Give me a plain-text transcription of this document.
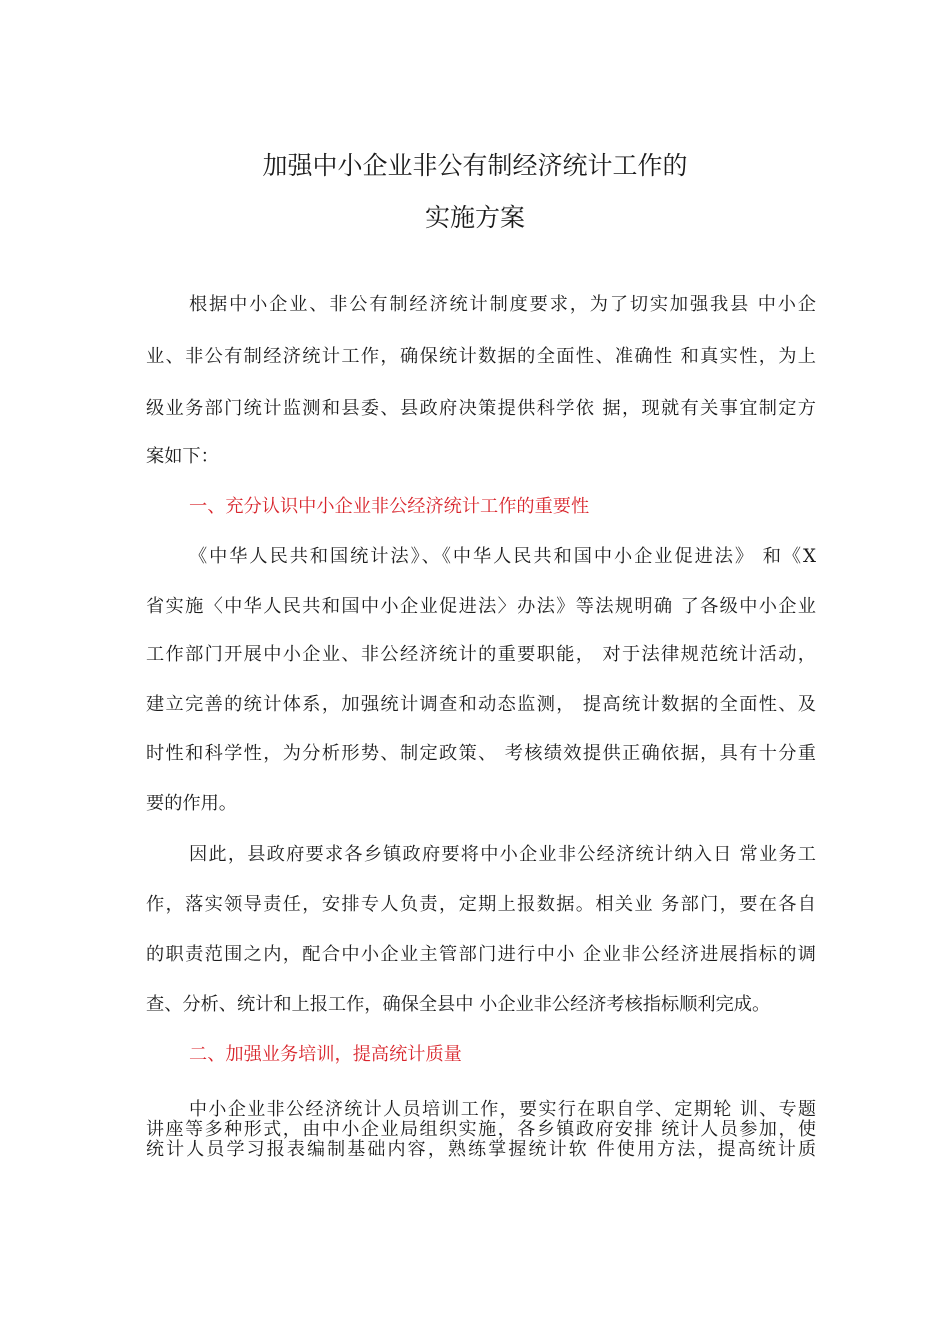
加强中小企业非公有制经济统计工作的
实施方案
根据中小企业、非公有制经济统计制度要求，为了切实加强我县 中小企
业、非公有制经济统计工作，确保统计数据的全面性、准确性 和真实性，为上
级业务部门统计监测和县委、县政府决策提供科学依 据，现就有关事宜制定方
案如下：
一、充分认识中小企业非公经济统计工作的重要性
《中华人民共和国统计法》、《中华人民共和国中小企业促进法》 和《X
省实施〈中华人民共和国中小企业促进法〉办法》等法规明确 了各级中小企业
工作部门开展中小企业、非公经济统计的重要职能， 对于法律规范统计活动，
建立完善的统计体系，加强统计调查和动态监测， 提高统计数据的全面性、及
时性和科学性，为分析形势、制定政策、 考核绩效提供正确依据，具有十分重
要的作用。
因此，县政府要求各乡镇政府要将中小企业非公经济统计纳入日 常业务工
作，落实领导责任，安排专人负责，定期上报数据。相关业 务部门，要在各自
的职责范围之内，配合中小企业主管部门进行中小 企业非公经济进展指标的调
查、分析、统计和上报工作，确保全县中 小企业非公经济考核指标顺利完成。
二、加强业务培训，提高统计质量
中小企业非公经济统计人员培训工作，要实行在职自学、定期轮 训、专题
讲座等多种形式，由中小企业局组织实施，各乡镇政府安排 统计人员参加，使
统计人员学习报表编制基础内容，熟练掌握统计软 件使用方法，提高统计质
